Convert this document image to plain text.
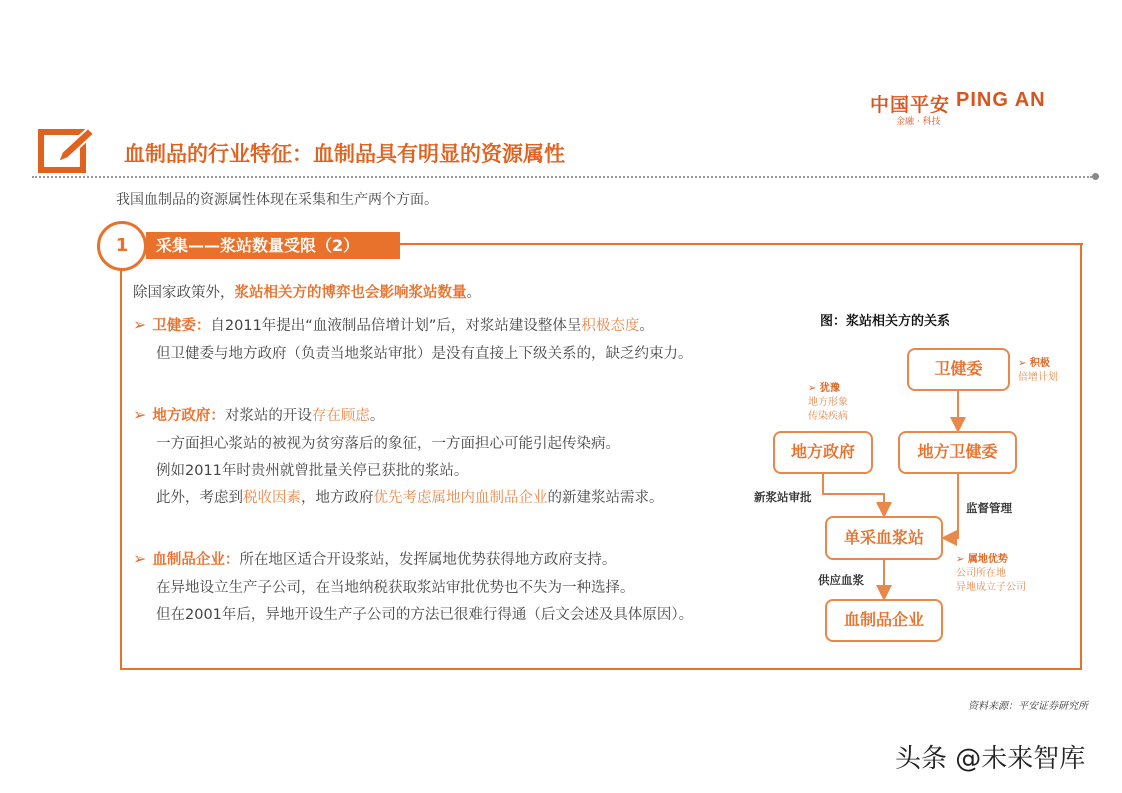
中国平安 PING AN
金融 · 科技
血制品的行业特征：血制品具有明显的资源属性
我国血制品的资源属性体现在采集和生产两个方面。
1	采集——浆站数量受限（2）
除国家政策外，浆站相关方的博弈也会影响浆站数量。
➢ 卫健委：自2011年提出“血液制品倍增计划”后，对浆站建设整体呈积极态度。
但卫健委与地方政府（负责当地浆站审批）是没有直接上下级关系的，缺乏约束力。
➢ 地方政府：对浆站的开设存在顾虑。
一方面担心浆站的被视为贫穷落后的象征，一方面担心可能引起传染病。
例如2011年时贵州就曾批量关停已获批的浆站。
此外，考虑到税收因素，地方政府优先考虑属地内血制品企业的新建浆站需求。
➢ 血制品企业：所在地区适合开设浆站，发挥属地优势获得地方政府支持。
在异地设立生产子公司，在当地纳税获取浆站审批优势也不失为一种选择。
但在2001年后，异地开设生产子公司的方法已很难行得通（后文会述及具体原因）。
图：浆站相关方的关系
卫健委
地方政府	地方卫健委
单采血浆站
血制品企业
➢ 积极
倍增计划
➢ 犹豫
地方形象
传染疾病
➢ 属地优势
公司所在地
异地成立子公司
新浆站审批
监督管理
供应血浆
资料来源：平安证券研究所
头条 @未来智库
